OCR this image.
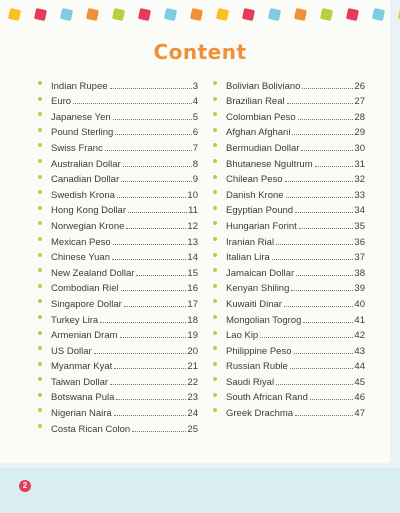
Content
Indian Rupee	3
Euro	4
Japanese Yen	5
Pound Sterling	6
Swiss Franc	7
Australian Dollar	8
Canadian Dollar	9
Swedish Krona	10
Hong Kong Dollar	11
Norwegian Krone	12
Mexican Peso	13
Chinese Yuan	14
New Zealand Dollar	15
Combodian Riel	16
Singapore Dollar	17
Turkey Lira	18
Armenian Dram	19
US Dollar	20
Myanmar Kyat	21
Taiwan Dollar	22
Botswana Pula	23
Nigerian Naira	24
Costa Rican Colon	25
Bolivian Boliviano	26
Brazilian Real	27
Colombian Peso	28
Afghan Afghani	29
Bermudian Dollar	30
Bhutanese Ngultrum	31
Chilean Peso	32
Danish Krone	33
Egyptian Pound	34
Hungarian Forint	35
Iranian Rial	36
Italian Lira	37
Jamaican Dollar	38
Kenyan Shiling	39
Kuwaiti Dinar	40
Mongolian Togrog	41
Lao Kip	42
Philippine Peso	43
Russian Ruble	44
Saudi Riyal	45
South African Rand	46
Greek Drachma	47
2
